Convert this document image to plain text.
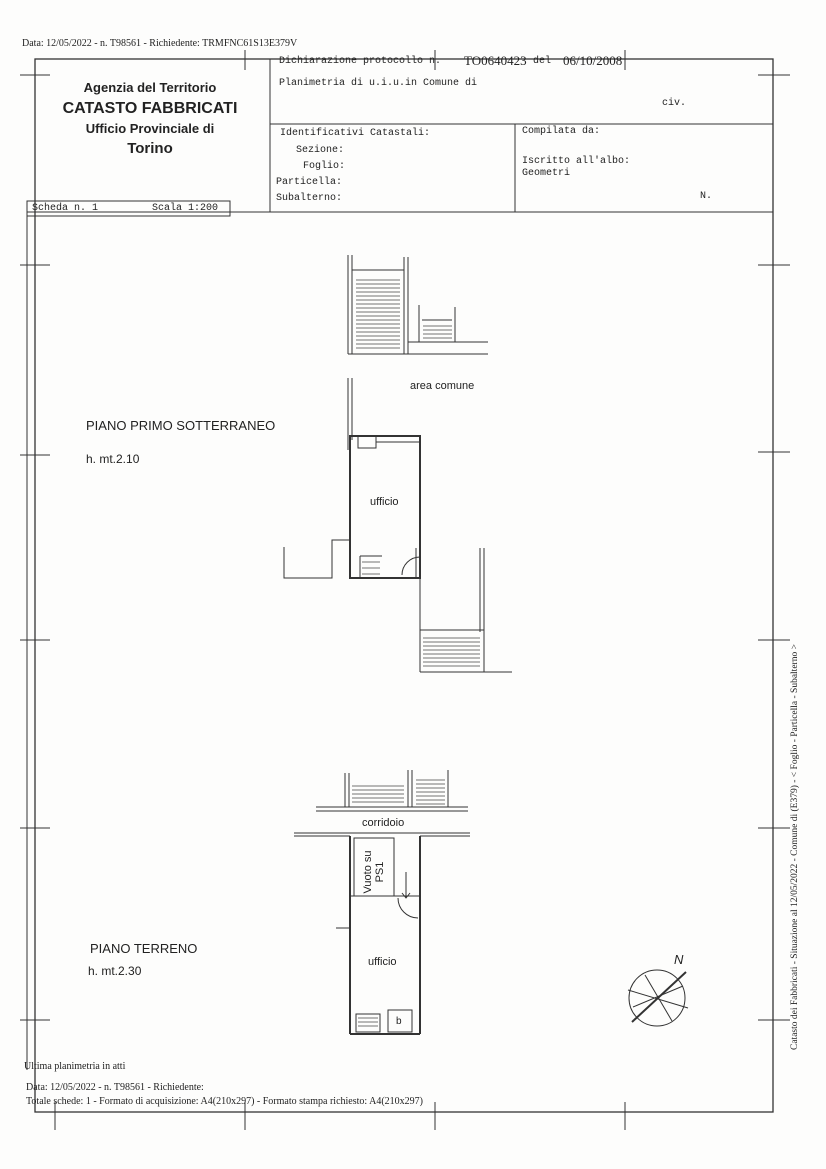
Data: 12/05/2022 - n. T98561 - Richiedente: TRMFNC61S13E379V
Agenzia del Territorio
CATASTO FABBRICATI
Ufficio Provinciale di
Torino
Dichiarazione protocollo n. TO0640423 del 06/10/2008
Planimetria di u.i.u.in Comune di
civ.
Identificativi Catastali:
Sezione:
Foglio:
Particella:
Subalterno:
Compilata da:
Iscritto all'albo:
Geometri
N.
Scheda n. 1	Scala 1:200
area comune
PIANO PRIMO SOTTERRANEO
h. mt.2.10
ufficio
corridoio
Vuoto su PS1
PIANO TERRENO
h. mt.2.30
ufficio
b
N	Catasto dei Fabbricati - Situazione al 12/05/2022 - Comune di (E379) - < Foglio - Particella - Subalterno >
Ultima planimetria in atti
Data: 12/05/2022 - n. T98561 - Richiedente:
Totale schede: 1 - Formato di acquisizione: A4(210x297) - Formato stampa richiesto: A4(210x297)
